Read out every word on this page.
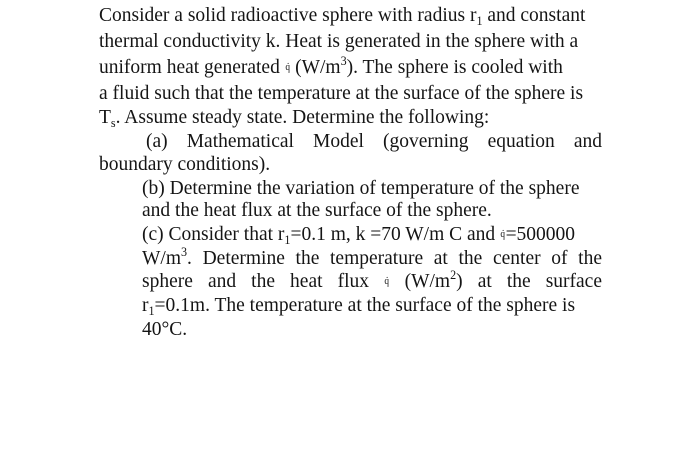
Consider a solid radioactive sphere with radius $r_1$ and constant
thermal conductivity k. Heat is generated in the sphere with a
uniform heat generated q̇ $(W/m^3)$. The sphere is cooled with
a fluid such that the temperature at the surface of the sphere is
$T_s$. Assume steady state. Determine the following:
(a) Mathematical Model (governing equation and
boundary conditions).
(b) Determine the variation of temperature of the sphere
and the heat flux at the surface of the sphere.
(c) Consider that $r_1=0.1$ m, k =70 W/m C and q̇=500000
$W/m^3$. Determine the temperature at the center of the
sphere and the heat flux q̇ $(W/m^2)$ at the surface
$r_1=0.1m$. The temperature at the surface of the sphere is
40°C.
